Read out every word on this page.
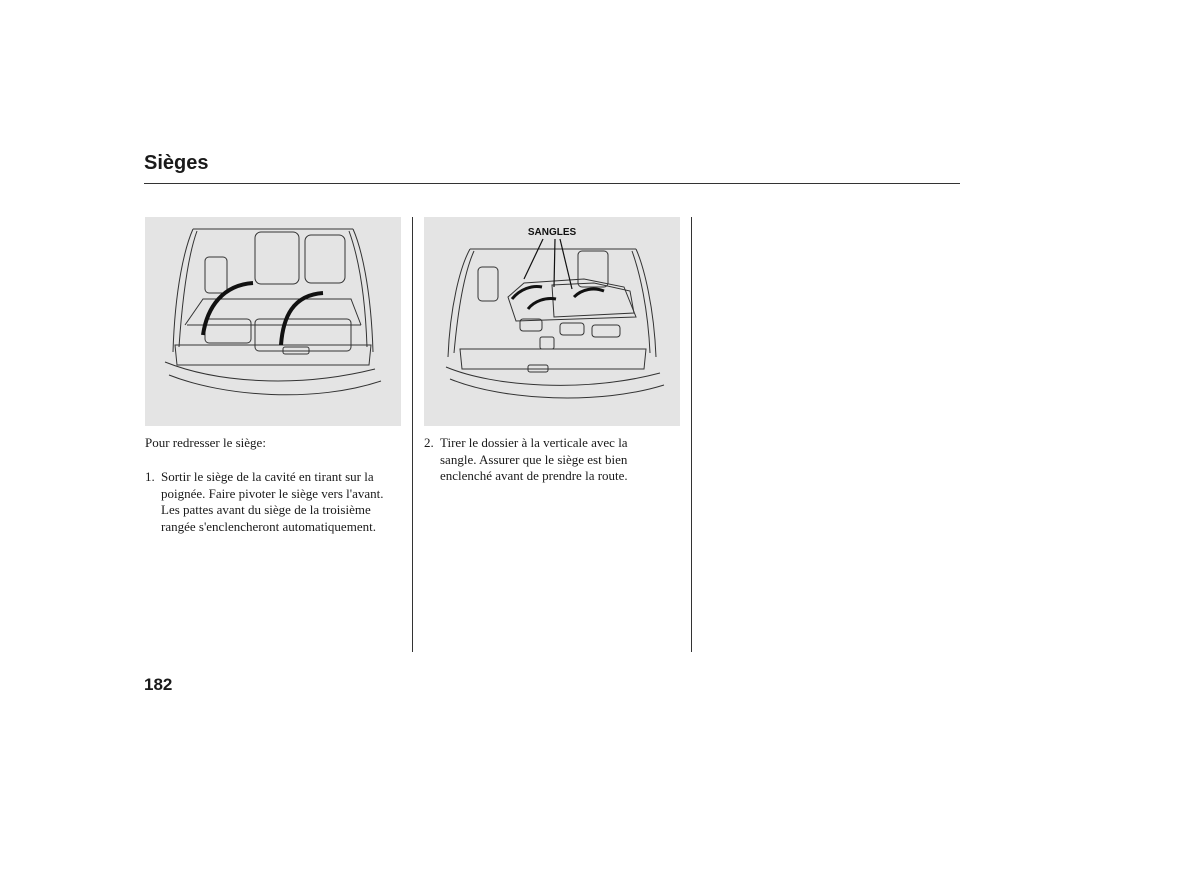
Sièges
SANGLES

Pour redresser le siège:

1. Sortir le siège de la cavité en tirant sur la
poignée. Faire pivoter le siège vers l'avant.
Les pattes avant du siège de la troisième
rangée s'enclencheront automatiquement.
2. Tirer le dossier à la verticale avec la
sangle. Assurer que le siège est bien
enclenché avant de prendre la route.
182
